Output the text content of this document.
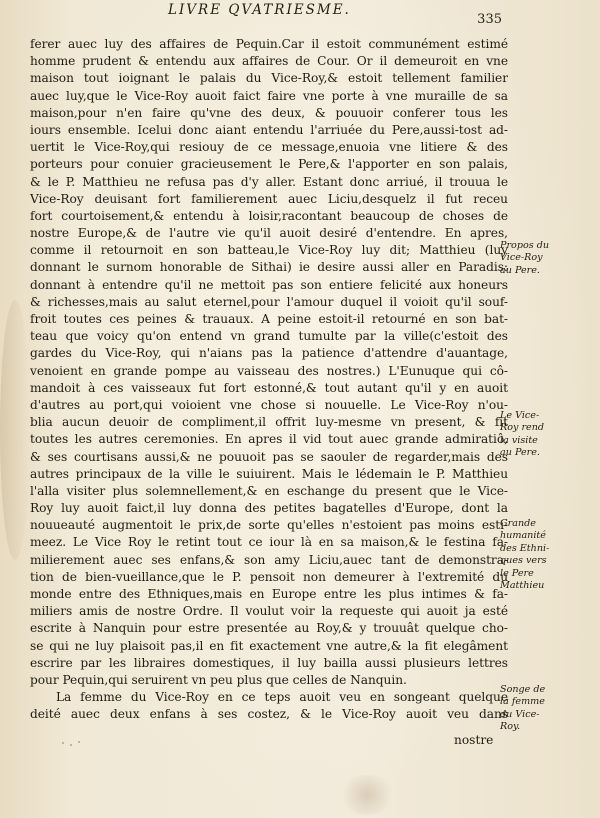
LIVRE QVATRIESME.
335
ferer auec luy des affaires de Pequin.Car il estoit communément estimé
homme prudent & entendu aux affaires de Cour. Or il demeuroit en vne
maison tout ioignant le palais du Vice-Roy,& estoit tellement familier
auec luy,que le Vice-Roy auoit faict faire vne porte à vne muraille de sa
maison,pour n'en faire qu'vne des deux, & pouuoir conferer tous les
iours ensemble. Icelui donc aiant entendu l'arriuée du Pere,aussi-tost ad-
uertit le Vice-Roy,qui resiouy de ce message,enuoia vne litiere & des
porteurs pour conuier gracieusement le Pere,& l'apporter en son palais,
& le P. Matthieu ne refusa pas d'y aller. Estant donc arriué, il trouua le
Vice-Roy deuisant fort familierement auec Liciu,desquelz il fut receu
fort courtoisement,& entendu à loisir,racontant beaucoup de choses de
nostre Europe,& de l'autre vie qu'il auoit desiré d'entendre. En apres,
comme il retournoit en son batteau,le Vice-Roy luy dit; Matthieu (luy
donnant le surnom honorable de Sithai) ie desire aussi aller en Paradis:
donnant à entendre qu'il ne mettoit pas son entiere felicité aux honeurs
& richesses,mais au salut eternel,pour l'amour duquel il voioit qu'il souf-
froit toutes ces peines & trauaux. A peine estoit-il retourné en son bat-
teau que voicy qu'on entend vn grand tumulte par la ville(c'estoit des
gardes du Vice-Roy, qui n'aians pas la patience d'attendre d'auantage,
venoient en grande pompe au vaisseau des nostres.) L'Eunuque qui cô-
mandoit à ces vaisseaux fut fort estonné,& tout autant qu'il y en auoit
d'autres au port,qui voioient vne chose si nouuelle. Le Vice-Roy n'ou-
blia aucun deuoir de compliment,il offrit luy-mesme vn present, & fit
toutes les autres ceremonies. En apres il vid tout auec grande admiratiô,
& ses courtisans aussi,& ne pouuoit pas se saouler de regarder,mais des
autres principaux de la ville le suiuirent. Mais le lédemain le P. Matthieu
l'alla visiter plus solemnellement,& en eschange du present que le Vice-
Roy luy auoit faict,il luy donna des petites bagatelles d'Europe, dont la
nouueauté augmentoit le prix,de sorte qu'elles n'estoient pas moins esti-
meez. Le Vice Roy le retint tout ce iour là en sa maison,& le festina fa-
milierement auec ses enfans,& son amy Liciu,auec tant de demonstra-
tion de bien-vueillance,que le P. pensoit non demeurer à l'extremité du
monde entre des Ethniques,mais en Europe entre les plus intimes & fa-
miliers amis de nostre Ordre. Il voulut voir la requeste qui auoit ja esté
escrite à Nanquin pour estre presentée au Roy,& y trouuât quelque cho-
se qui ne luy plaisoit pas,il en fit exactement vne autre,& la fit elegâment
escrire par les libraires domestiques, il luy bailla aussi plusieurs lettres
pour Pequin,qui seruirent vn peu plus que celles de Nanquin.
La femme du Vice-Roy en ce teps auoit veu en songeant quelque
deité auec deux enfans à ses costez, & le Vice-Roy auoit veu dans
nostre
Propos du
Vice-Roy
au Pere.
Le Vice-
Roy rend
la visite
au Pere.
Grande
humanité
des Ethni-
ques vers
le Pere
Matthieu
Songe de
la femme
du Vice-
Roy.
